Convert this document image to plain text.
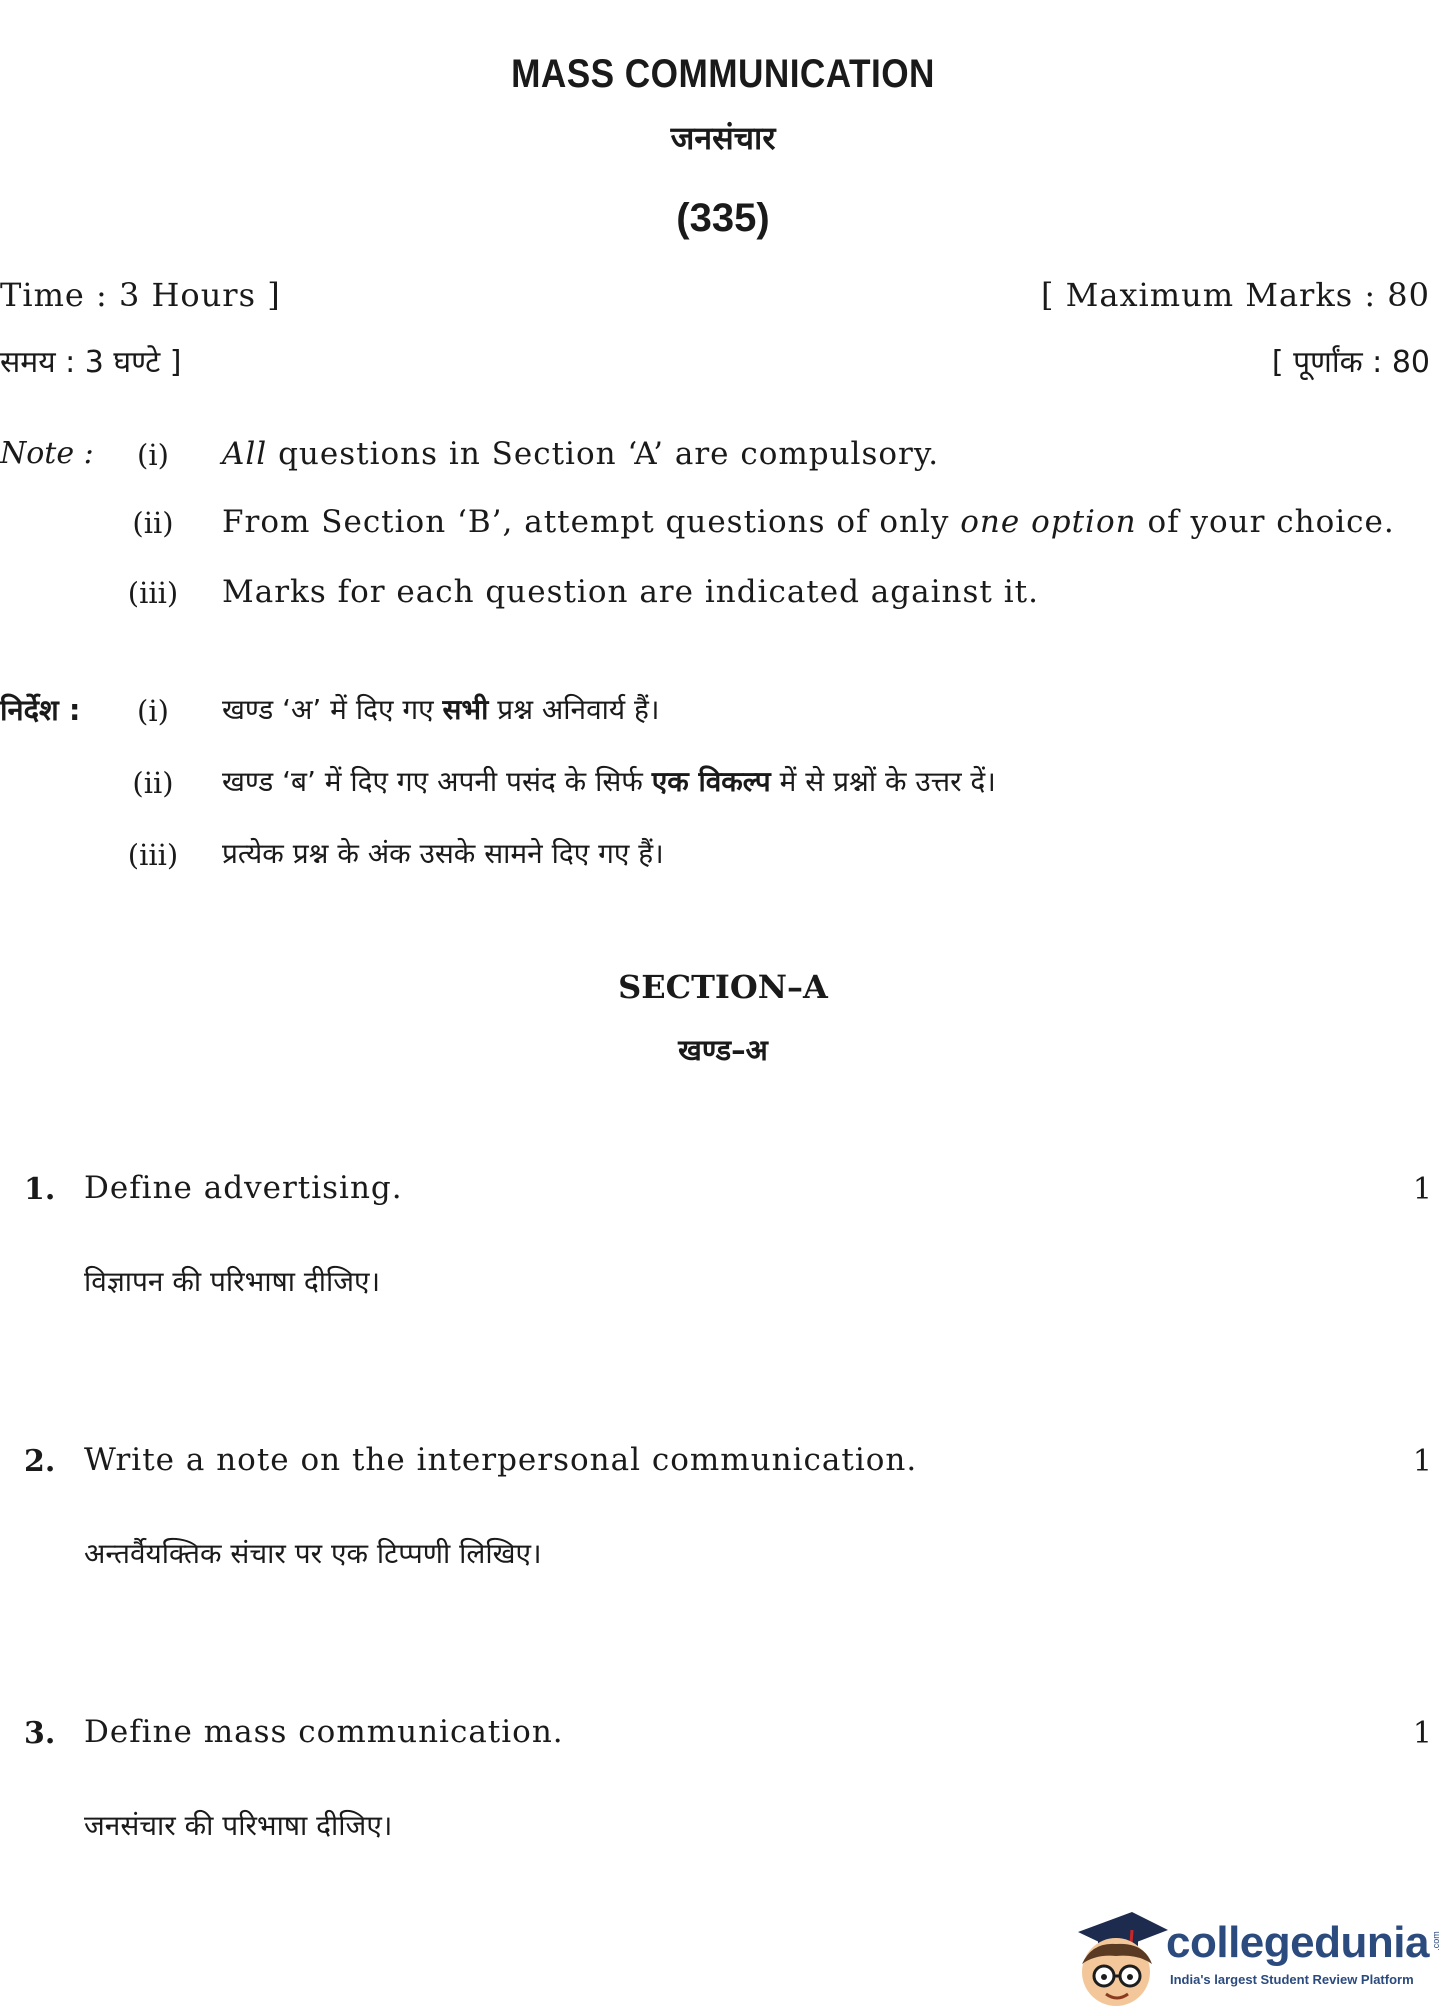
MASS COMMUNICATION
जनसंचार
(335)
Time : 3 Hours ]	[ Maximum Marks : 80
समय : 3 घण्टे ]	[ पूर्णांक : 80
Note :	(i)	All questions in Section ‘A’ are compulsory.
(ii)	From Section ‘B’, attempt questions of only one option of your choice.
(iii)	Marks for each question are indicated against it.
निर्देश :	(i)	खण्ड ‘अ’ में दिए गए सभी प्रश्न अनिवार्य हैं।
(ii)	खण्ड ‘ब’ में दिए गए अपनी पसंद के सिर्फ एक विकल्प में से प्रश्नों के उत्तर दें।
(iii)	प्रत्येक प्रश्न के अंक उसके सामने दिए गए हैं।
SECTION–A
खण्ड–अ
1. Define advertising.	1
विज्ञापन की परिभाषा दीजिए।
2. Write a note on the interpersonal communication.	1
अन्तर्वैयक्तिक संचार पर एक टिप्पणी लिखिए।
3. Define mass communication.	1
जनसंचार की परिभाषा दीजिए।
collegedunia .com
India's largest Student Review Platform
